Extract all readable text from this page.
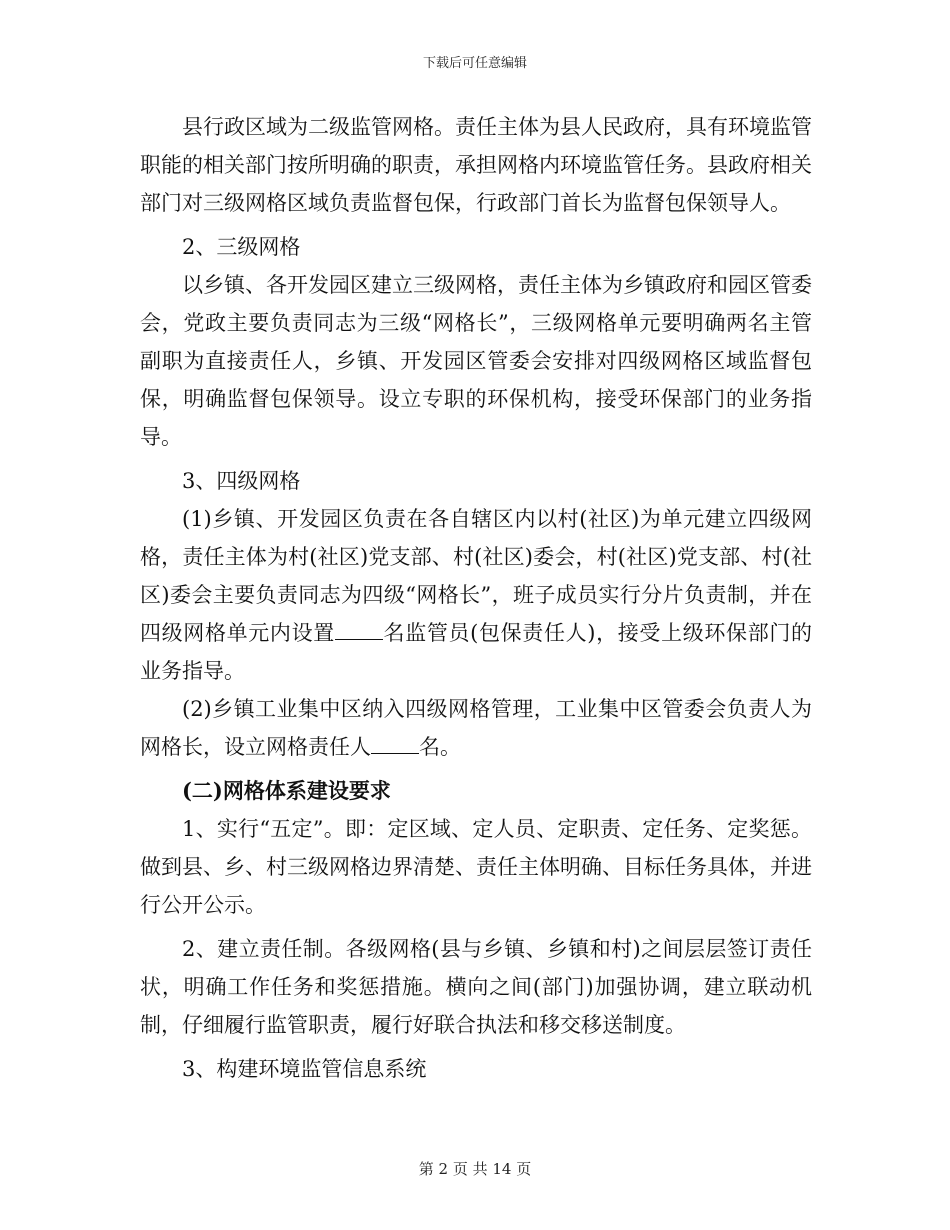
下载后可任意编辑

县行政区域为二级监管网格。责任主体为县人民政府，具有环境监管职能的相关部门按所明确的职责，承担网格内环境监管任务。县政府相关部门对三级网格区域负责监督包保，行政部门首长为监督包保领导人。

2、三级网格

以乡镇、各开发园区建立三级网格，责任主体为乡镇政府和园区管委会，党政主要负责同志为三级“网格长”，三级网格单元要明确两名主管副职为直接责任人，乡镇、开发园区管委会安排对四级网格区域监督包保，明确监督包保领导。设立专职的环保机构，接受环保部门的业务指导。

3、四级网格

(1)乡镇、开发园区负责在各自辖区内以村(社区)为单元建立四级网格，责任主体为村(社区)党支部、村(社区)委会，村(社区)党支部、村(社区)委会主要负责同志为四级“网格长”，班子成员实行分片负责制，并在四级网格单元内设置 名监管员(包保责任人)，接受上级环保部门的业务指导。

(2)乡镇工业集中区纳入四级网格管理，工业集中区管委会负责人为网格长，设立网格责任人 名。

(二)网格体系建设要求

1、实行“五定”。即：定区域、定人员、定职责、定任务、定奖惩。做到县、乡、村三级网格边界清楚、责任主体明确、目标任务具体，并进行公开公示。

2、建立责任制。各级网格(县与乡镇、乡镇和村)之间层层签订责任状，明确工作任务和奖惩措施。横向之间(部门)加强协调，建立联动机制，仔细履行监管职责，履行好联合执法和移交移送制度。

3、构建环境监管信息系统

第 2 页 共 14 页
